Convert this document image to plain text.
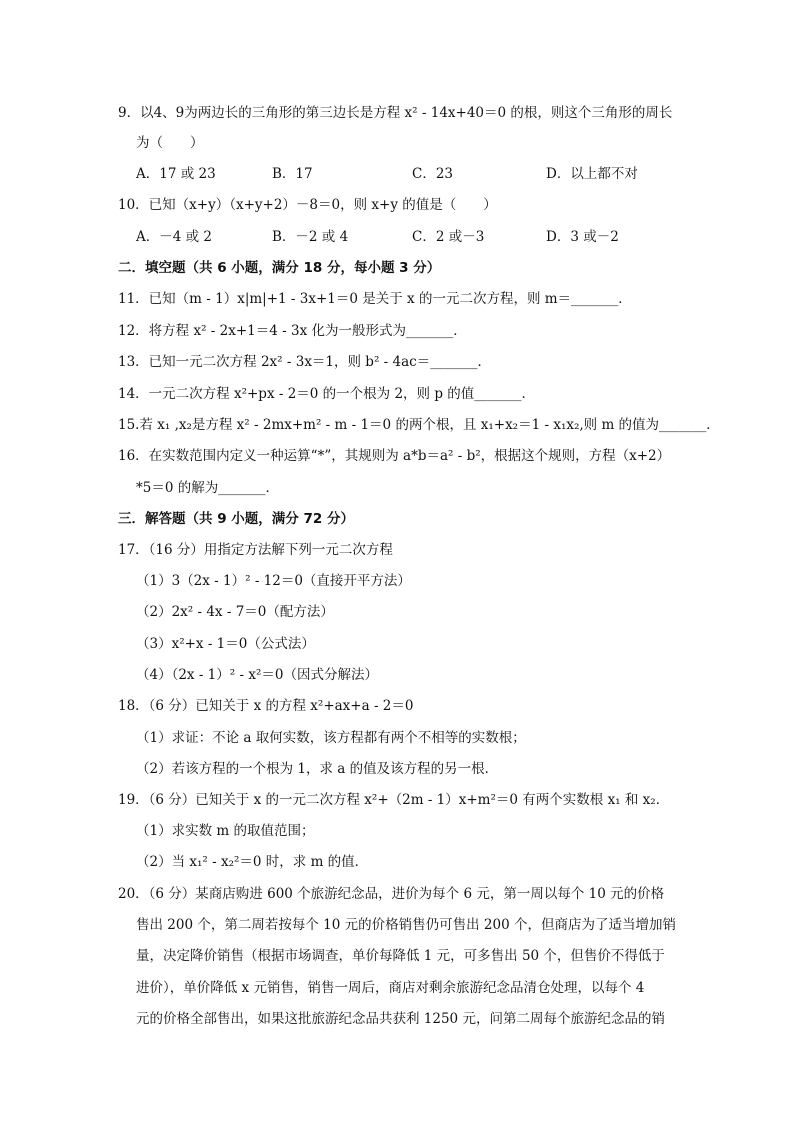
9．以4、9为两边长的三角形的第三边长是方程 x² - 14x+40＝0 的根，则这个三角形的周长
为（　　）
A．17 或 23	B．17	C．23	D．以上都不对
10．已知（x+y）（x+y+2）－8＝0，则 x+y 的值是（　　）
A．－4 或 2	B．－2 或 4	C．2 或－3	D．3 或－2
二．填空题（共 6 小题，满分 18 分，每小题 3 分）
11．已知（m - 1）x|m|+1 - 3x+1＝0 是关于 x 的一元二次方程，则 m＝_______．
12．将方程 x² - 2x+1＝4 - 3x 化为一般形式为_______．
13．已知一元二次方程 2x² - 3x＝1，则 b² - 4ac＝_______．
14．一元二次方程 x²+px - 2＝0 的一个根为 2，则 p 的值_______．
15.若 x₁ ,x₂是方程 x² - 2mx+m² - m - 1＝0 的两个根，且 x₁+x₂＝1 - x₁x₂,则 m 的值为_______．
16．在实数范围内定义一种运算“*”，其规则为 a*b＝a² - b²，根据这个规则，方程（x+2）
*5＝0 的解为_______．
三．解答题（共 9 小题，满分 72 分）
17．（16 分）用指定方法解下列一元二次方程
（1）3（2x - 1）² - 12＝0（直接开平方法）
（2）2x² - 4x - 7＝0（配方法）
（3）x²+x - 1＝0（公式法）
（4）（2x - 1）² - x²＝0（因式分解法）
18．（6 分）已知关于 x 的方程 x²+ax+a - 2＝0
（1）求证：不论 a 取何实数，该方程都有两个不相等的实数根；
（2）若该方程的一个根为 1，求 a 的值及该方程的另一根．
19．（6 分）已知关于 x 的一元二次方程 x²+（2m - 1）x+m²＝0 有两个实数根 x₁ 和 x₂．
（1）求实数 m 的取值范围；
（2）当 x₁² - x₂²＝0 时，求 m 的值．
20．（6 分）某商店购进 600 个旅游纪念品，进价为每个 6 元，第一周以每个 10 元的价格
售出 200 个，第二周若按每个 10 元的价格销售仍可售出 200 个，但商店为了适当增加销
量，决定降价销售（根据市场调查，单价每降低 1 元，可多售出 50 个，但售价不得低于
进价），单价降低 x 元销售，销售一周后，商店对剩余旅游纪念品清仓处理，以每个 4
元的价格全部售出，如果这批旅游纪念品共获利 1250 元，问第二周每个旅游纪念品的销
